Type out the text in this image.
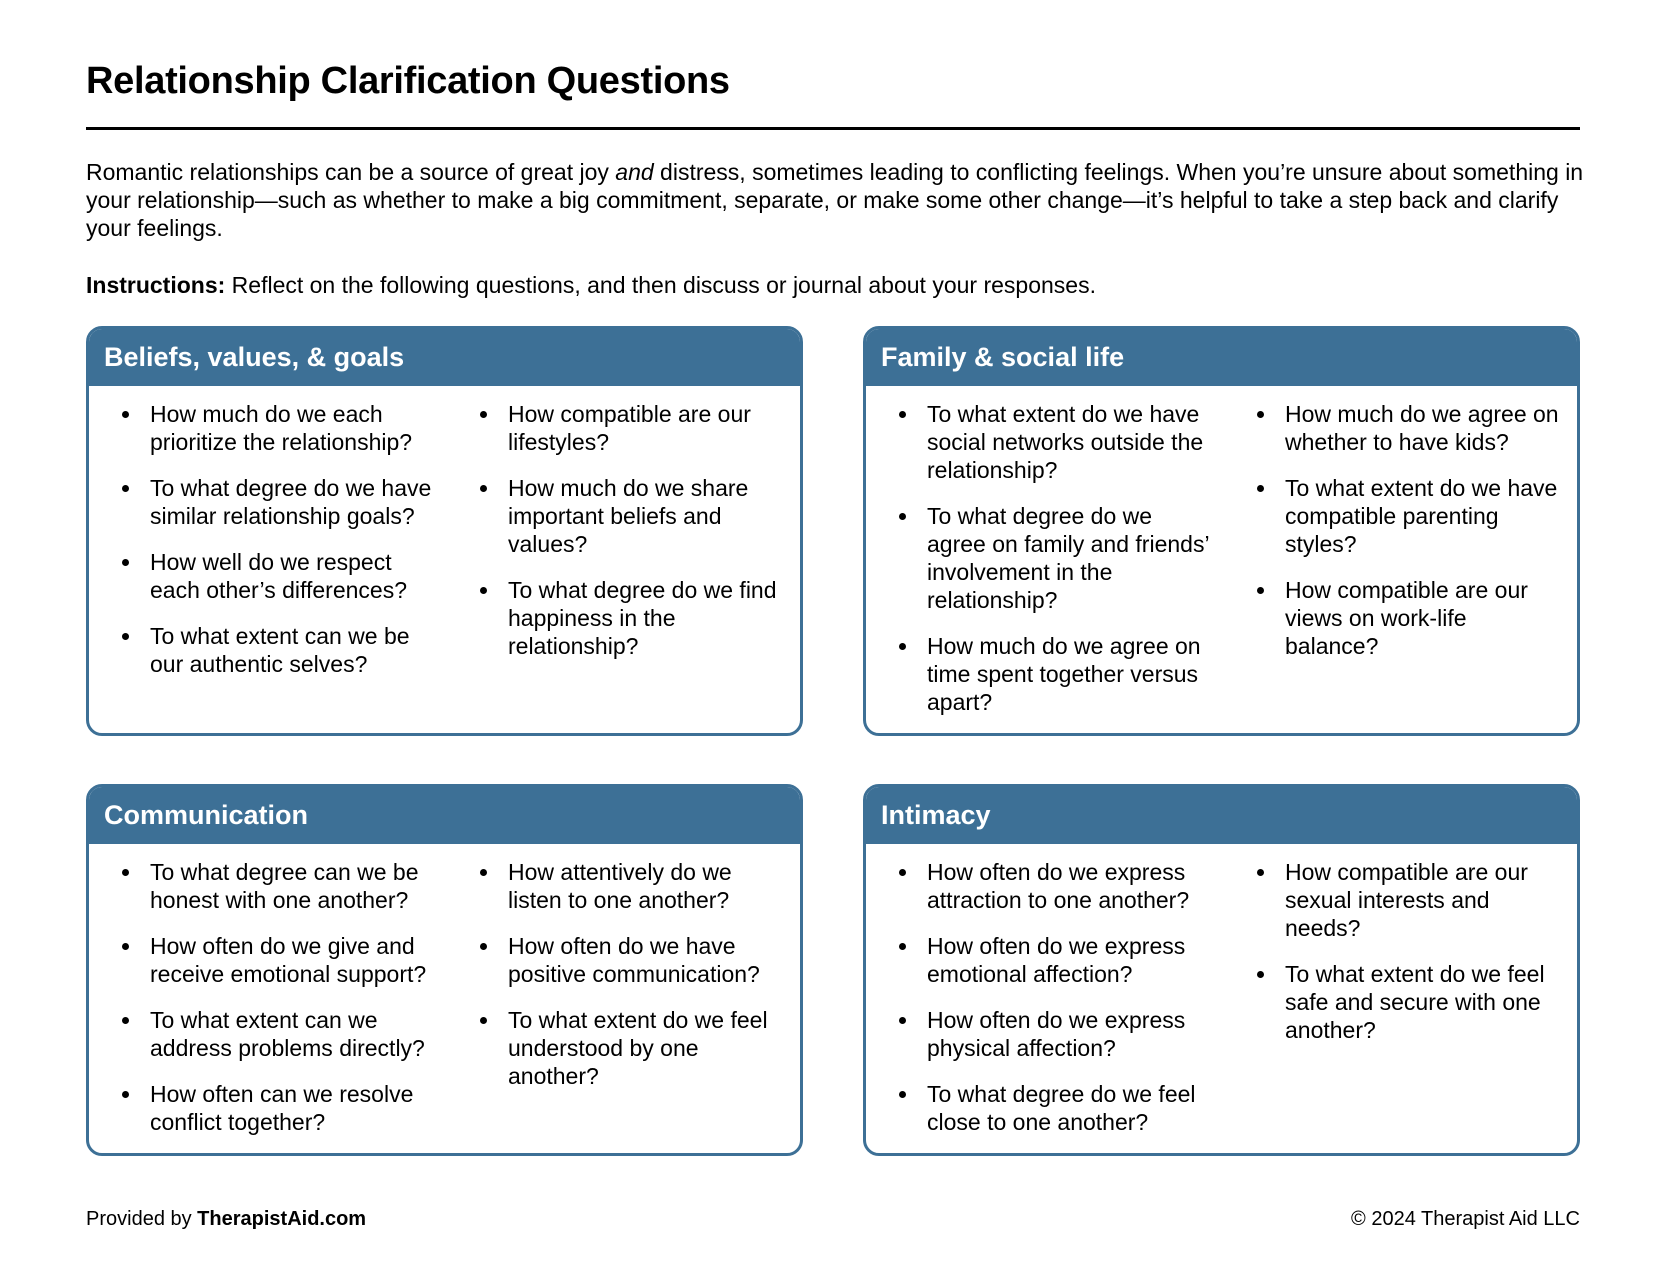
Relationship Clarification Questions
Romantic relationships can be a source of great joy and distress, sometimes leading to conflicting feelings. When you’re unsure about something in your relationship—such as whether to make a big commitment, separate, or make some other change—it’s helpful to take a step back and clarify your feelings.
Instructions: Reflect on the following questions, and then discuss or journal about your responses.
Beliefs, values, & goals
How much do we each prioritize the relationship?
To what degree do we have similar relationship goals?
How well do we respect each other’s differences?
To what extent can we be our authentic selves?
How compatible are our lifestyles?
How much do we share important beliefs and values?
To what degree do we find happiness in the relationship?
Family & social life
To what extent do we have social networks outside the relationship?
To what degree do we agree on family and friends’ involvement in the relationship?
How much do we agree on time spent together versus apart?
How much do we agree on whether to have kids?
To what extent do we have compatible parenting styles?
How compatible are our views on work-life balance?
Communication
To what degree can we be honest with one another?
How often do we give and receive emotional support?
To what extent can we address problems directly?
How often can we resolve conflict together?
How attentively do we listen to one another?
How often do we have positive communication?
To what extent do we feel understood by one another?
Intimacy
How often do we express attraction to one another?
How often do we express emotional affection?
How often do we express physical affection?
To what degree do we feel close to one another?
How compatible are our sexual interests and needs?
To what extent do we feel safe and secure with one another?
Provided by TherapistAid.com	© 2024 Therapist Aid LLC
